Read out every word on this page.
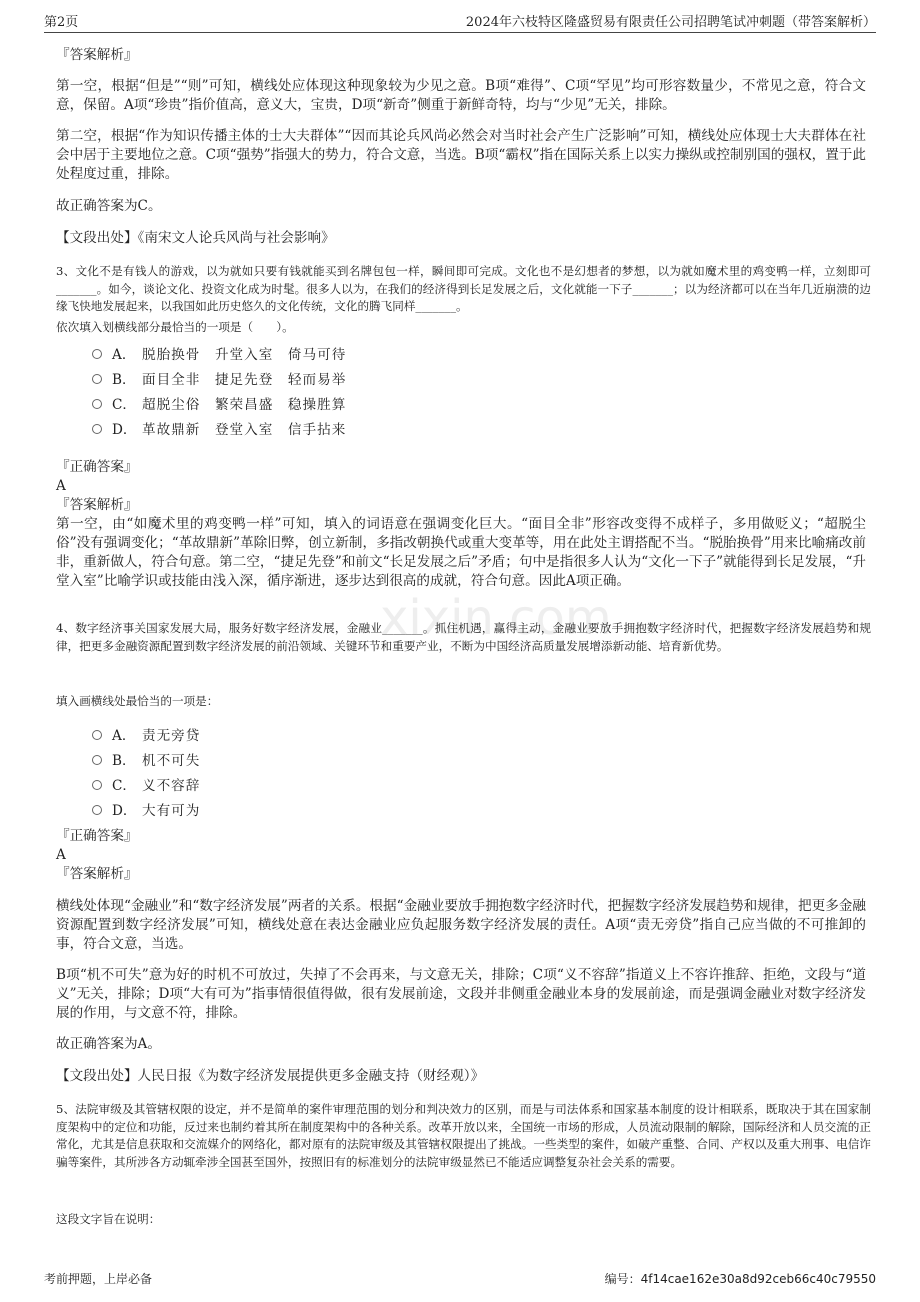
第2页	2024年六枝特区隆盛贸易有限责任公司招聘笔试冲刺题（带答案解析）
xixin.com

『答案解析』

第一空，根据“但是”“则”可知，横线处应体现这种现象较为少见之意。B项“难得”、C项“罕见”均可形容数量少，不常见之意，符合文意，保留。A项“珍贵”指价值高，意义大，宝贵，D项“新奇”侧重于新鲜奇特，均与“少见”无关，排除。

第二空，根据“作为知识传播主体的士大夫群体”“因而其论兵风尚必然会对当时社会产生广泛影响”可知，横线处应体现士大夫群体在社会中居于主要地位之意。C项“强势”指强大的势力，符合文意，当选。B项“霸权”指在国际关系上以实力操纵或控制别国的强权，置于此处程度过重，排除。

故正确答案为C。

【文段出处】《南宋文人论兵风尚与社会影响》

3、文化不是有钱人的游戏，以为就如只要有钱就能买到名牌包包一样，瞬间即可完成。文化也不是幻想者的梦想，以为就如魔术里的鸡变鸭一样，立刻即可_______。如今，谈论文化、投资文化成为时髦。很多人以为，在我们的经济得到长足发展之后，文化就能一下子_______；以为经济都可以在当年几近崩溃的边缘飞快地发展起来，以我国如此历史悠久的文化传统，文化的腾飞同样_______。

依次填入划横线部分最恰当的一项是（　　）。

A． 脱胎换骨　升堂入室　倚马可待
B． 面目全非　捷足先登　轻而易举
C． 超脱尘俗　繁荣昌盛　稳操胜算
D． 革故鼎新　登堂入室　信手拈来

『正确答案』

A

『答案解析』

第一空，由“如魔术里的鸡变鸭一样”可知，填入的词语意在强调变化巨大。“面目全非”形容改变得不成样子，多用做贬义；“超脱尘俗”没有强调变化；“革故鼎新”革除旧弊，创立新制，多指改朝换代或重大变革等，用在此处主谓搭配不当。“脱胎换骨”用来比喻痛改前非，重新做人，符合句意。第二空，“捷足先登”和前文“长足发展之后”矛盾；句中是指很多人认为“文化一下子”就能得到长足发展，“升堂入室”比喻学识或技能由浅入深，循序渐进，逐步达到很高的成就，符合句意。因此A项正确。

4、数字经济事关国家发展大局，服务好数字经济发展，金融业_______。抓住机遇，赢得主动，金融业要放手拥抱数字经济时代，把握数字经济发展趋势和规律，把更多金融资源配置到数字经济发展的前沿领域、关键环节和重要产业，不断为中国经济高质量发展增添新动能、培育新优势。

填入画横线处最恰当的一项是：

A． 责无旁贷
B． 机不可失
C． 义不容辞
D． 大有可为

『正确答案』

A

『答案解析』

横线处体现“金融业”和“数字经济发展”两者的关系。根据“金融业要放手拥抱数字经济时代，把握数字经济发展趋势和规律，把更多金融资源配置到数字经济发展”可知，横线处意在表达金融业应负起服务数字经济发展的责任。A项“责无旁贷”指自己应当做的不可推卸的事，符合文意，当选。

B项“机不可失”意为好的时机不可放过，失掉了不会再来，与文意无关，排除；C项“义不容辞”指道义上不容许推辞、拒绝，文段与“道义”无关，排除；D项“大有可为”指事情很值得做，很有发展前途，文段并非侧重金融业本身的发展前途，而是强调金融业对数字经济发展的作用，与文意不符，排除。

故正确答案为A。

【文段出处】人民日报《为数字经济发展提供更多金融支持（财经观）》

5、法院审级及其管辖权限的设定，并不是简单的案件审理范围的划分和判决效力的区别，而是与司法体系和国家基本制度的设计相联系，既取决于其在国家制度架构中的定位和功能，反过来也制约着其所在制度架构中的各种关系。改革开放以来，全国统一市场的形成，人员流动限制的解除，国际经济和人员交流的正常化，尤其是信息获取和交流媒介的网络化，都对原有的法院审级及其管辖权限提出了挑战。一些类型的案件，如破产重整、合同、产权以及重大刑事、电信诈骗等案件，其所涉各方动辄牵涉全国甚至国外，按照旧有的标准划分的法院审级显然已不能适应调整复杂社会关系的需要。

这段文字旨在说明：

考前押题，上岸必备	编号：4f14cae162e30a8d92ceb66c40c79550
